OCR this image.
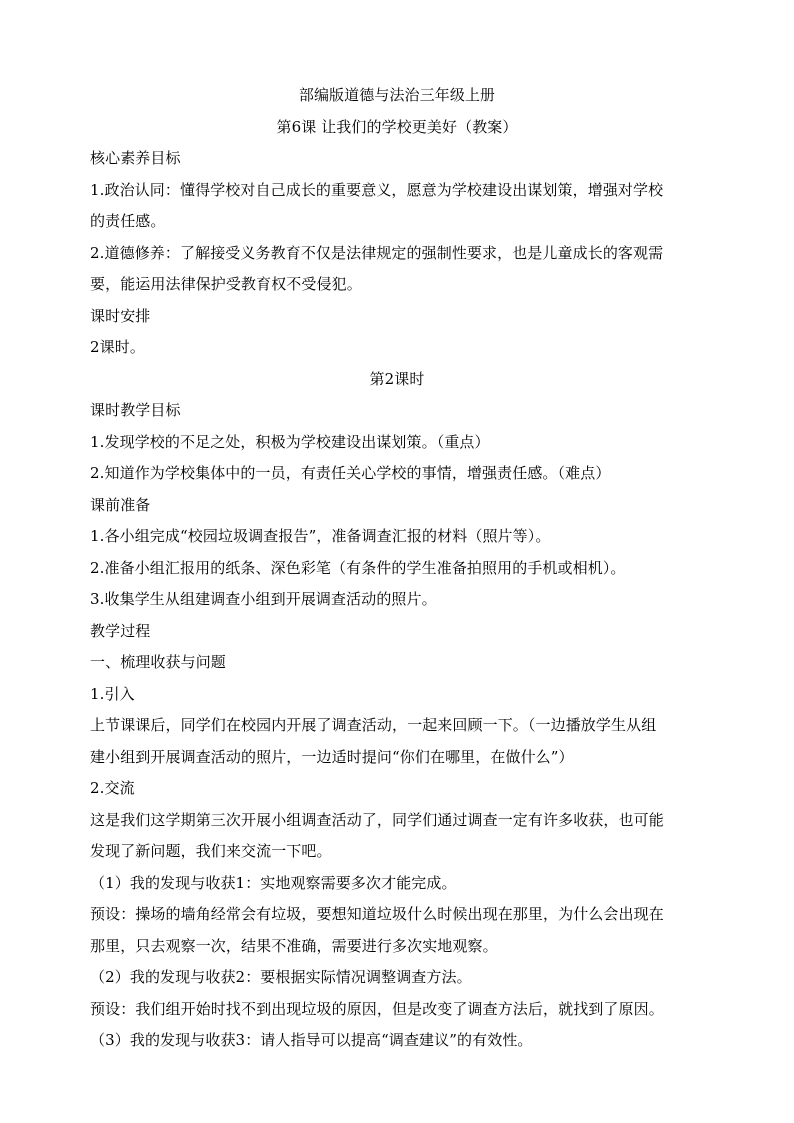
部编版道德与法治三年级上册
第6课 让我们的学校更美好（教案）
核心素养目标
1.政治认同：懂得学校对自己成长的重要意义，愿意为学校建设出谋划策，增强对学校
的责任感。
2.道德修养：了解接受义务教育不仅是法律规定的强制性要求，也是儿童成长的客观需
要，能运用法律保护受教育权不受侵犯。
课时安排
2课时。
第2课时
课时教学目标
1.发现学校的不足之处，积极为学校建设出谋划策。（重点）
2.知道作为学校集体中的一员，有责任关心学校的事情，增强责任感。（难点）
课前准备
1.各小组完成“校园垃圾调查报告”，准备调查汇报的材料（照片等）。
2.准备小组汇报用的纸条、深色彩笔（有条件的学生准备拍照用的手机或相机）。
3.收集学生从组建调查小组到开展调查活动的照片。
教学过程
一、梳理收获与问题
1.引入
上节课课后，同学们在校园内开展了调查活动，一起来回顾一下。（一边播放学生从组
建小组到开展调查活动的照片，一边适时提问“你们在哪里，在做什么”）
2.交流
这是我们这学期第三次开展小组调查活动了，同学们通过调查一定有许多收获，也可能
发现了新问题，我们来交流一下吧。
（1）我的发现与收获1：实地观察需要多次才能完成。
预设：操场的墙角经常会有垃圾，要想知道垃圾什么时候出现在那里，为什么会出现在
那里，只去观察一次，结果不准确，需要进行多次实地观察。
（2）我的发现与收获2：要根据实际情况调整调查方法。
预设：我们组开始时找不到出现垃圾的原因，但是改变了调查方法后，就找到了原因。
（3）我的发现与收获3：请人指导可以提高“调查建议”的有效性。
